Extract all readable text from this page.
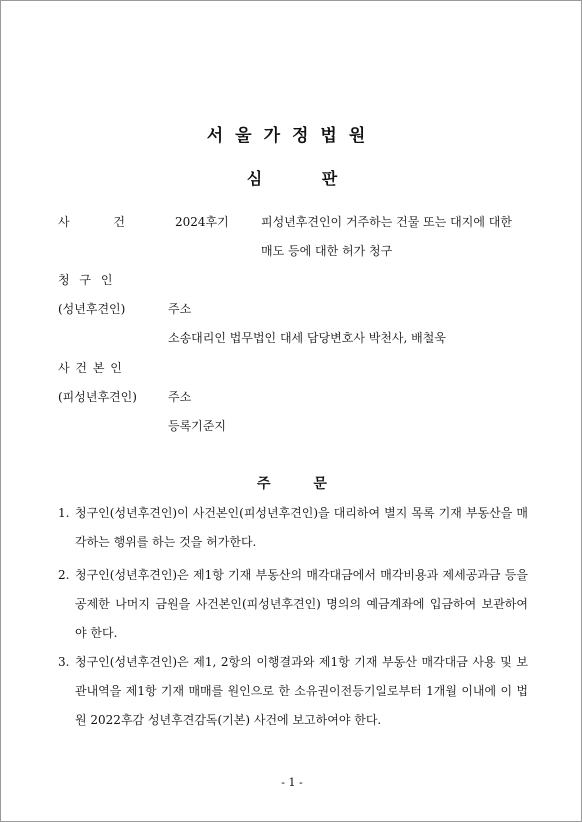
서울가정법원
심 판
사 건	2024후기	피성년후견인이 거주하는 건물 또는 대지에 대한
매도 등에 대한 허가 청구
청 구 인
(성년후견인)	주소
소송대리인 법무법인 대세 담당변호사 박천사, 배철욱
사 건 본 인
(피성년후견인)	주소
등록기준지
주 문
1. 청구인(성년후견인)이 사건본인(피성년후견인)을 대리하여 별지 목록 기재 부동산을 매각하는 행위를 하는 것을 허가한다.
2. 청구인(성년후견인)은 제1항 기재 부동산의 매각대금에서 매각비용과 제세공과금 등을 공제한 나머지 금원을 사건본인(피성년후견인) 명의의 예금계좌에 입금하여 보관하여야 한다.
3. 청구인(성년후견인)은 제1, 2항의 이행결과와 제1항 기재 부동산 매각대금 사용 및 보관내역을 제1항 기재 매매를 원인으로 한 소유권이전등기일로부터 1개월 이내에 이 법원 2022후감 성년후견감독(기본) 사건에 보고하여야 한다.
- 1 -
